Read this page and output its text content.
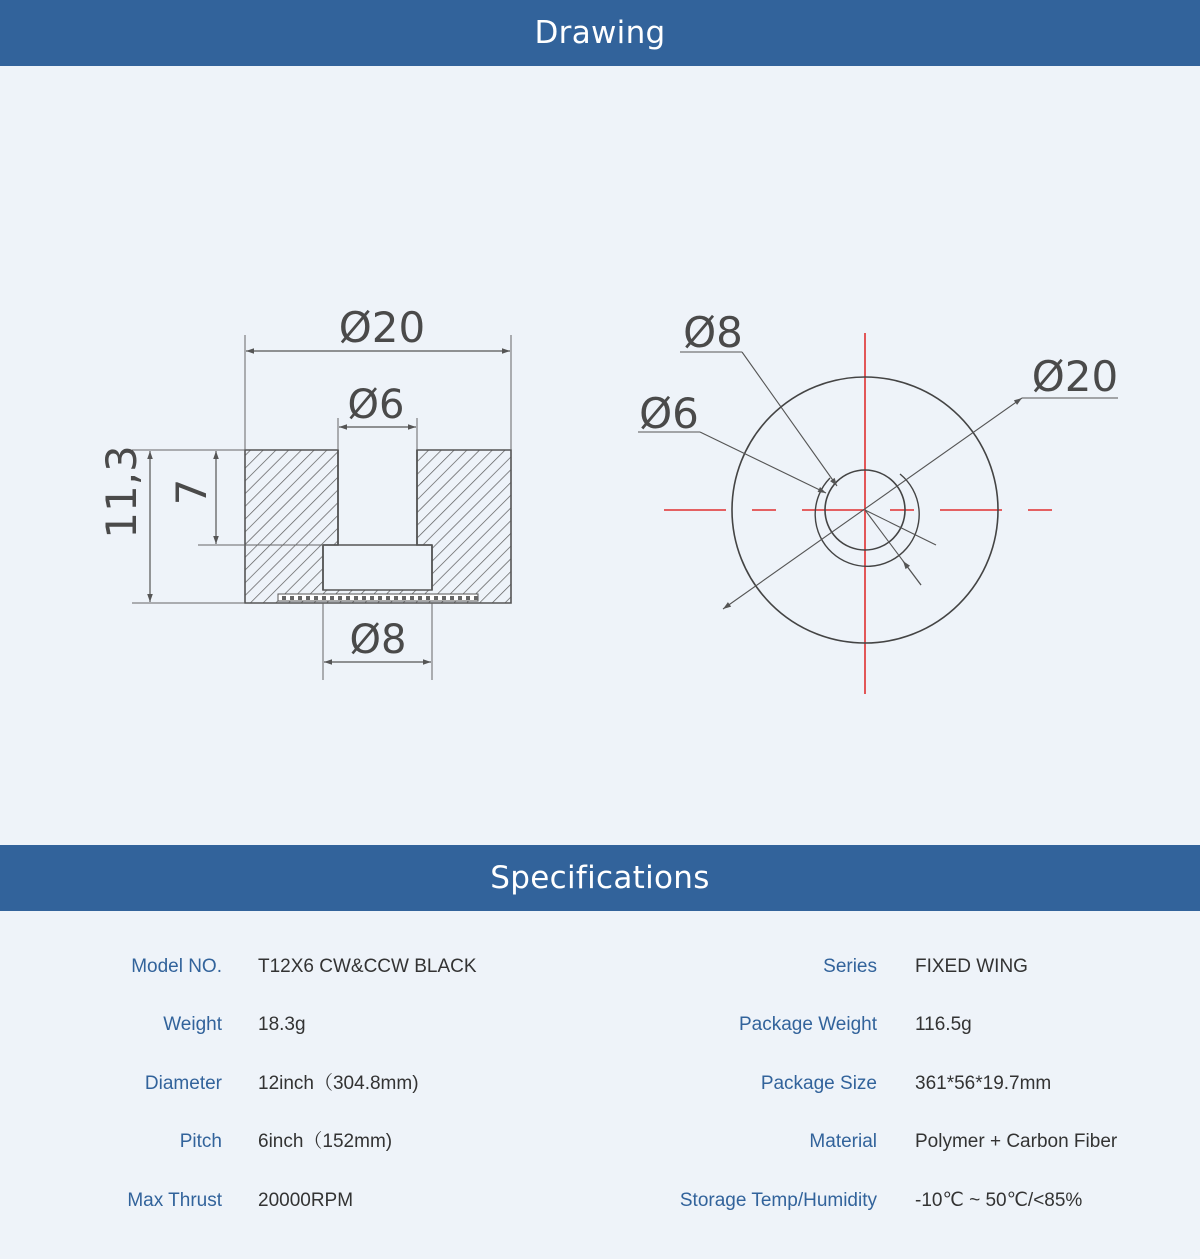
Drawing
Ø20
Ø6
Ø8
11,3 7
Ø8
Ø6
Ø20
Specifications
Model NO. T12X6 CW&CCW BLACK	Series FIXED WING
Weight 18.3g	Package Weight 116.5g
Diameter 12inch（304.8mm)	Package Size 361*56*19.7mm
Pitch 6inch（152mm)	Material Polymer + Carbon Fiber
Max Thrust 20000RPM	Storage Temp/Humidity -10℃ ~ 50℃/<85%
